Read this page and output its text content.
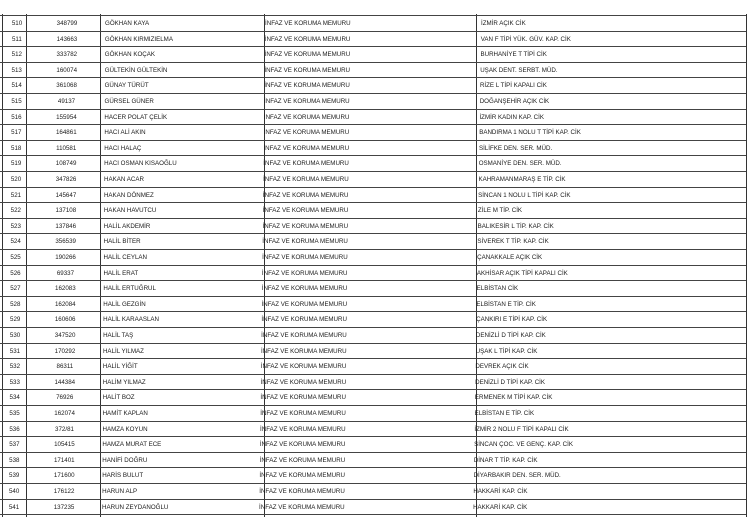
510	348799	GÖKHAN KAYA	İNFAZ VE KORUMA MEMURU	İZMİR AÇIK CİK
511	143663	GÖKHAN KIRMIZIELMA	İNFAZ VE KORUMA MEMURU	VAN F TİPİ YÜK. GÜV. KAP. CİK
512	333782	GÖKHAN KOÇAK	İNFAZ VE KORUMA MEMURU	BURHANİYE T TİPİ CİK
513	160074	GÜLTEKİN GÜLTEKİN	İNFAZ VE KORUMA MEMURU	UŞAK DENT. SERBT. MÜD.
514	361068	GÜNAY TÜRÜT	İNFAZ VE KORUMA MEMURU	RİZE L TİPİ KAPALI CİK
515	49137	GÜRSEL GÜNER	İNFAZ VE KORUMA MEMURU	DOĞANŞEHİR AÇIK CİK
516	155954	HACER POLAT ÇELİK	İNFAZ VE KORUMA MEMURU	İZMİR KADIN KAP. CİK
517	164861	HACI ALİ AKIN	İNFAZ VE KORUMA MEMURU	BANDIRMA 1 NOLU T TİPİ KAP. CİK
518	110581	HACI HALAÇ	İNFAZ VE KORUMA MEMURU	SİLİFKE DEN. SER. MÜD.
519	108749	HACI OSMAN KISAOĞLU	İNFAZ VE KORUMA MEMURU	OSMANİYE DEN. SER. MÜD.
520	347826	HAKAN ACAR	İNFAZ VE KORUMA MEMURU	KAHRAMANMARAŞ E TİP. CİK
521	145647	HAKAN DÖNMEZ	İNFAZ VE KORUMA MEMURU	SİNCAN 1 NOLU L TİPİ KAP. CİK
522	137108	HAKAN HAVUTCU	İNFAZ VE KORUMA MEMURU	ZİLE M TİP. CİK
523	137846	HALİL AKDEMİR	İNFAZ VE KORUMA MEMURU	BALIKESİR L TİP. KAP. CİK
524	356539	HALİL BİTER	İNFAZ VE KORUMA MEMURU	SİVEREK T TİP. KAP. CİK
525	190266	HALİL CEYLAN	İNFAZ VE KORUMA MEMURU	ÇANAKKALE AÇIK CİK
526	69337	HALİL ERAT	İNFAZ VE KORUMA MEMURU	AKHİSAR AÇIK TİPİ KAPALI CİK
527	162083	HALİL ERTUĞRUL	İNFAZ VE KORUMA MEMURU	ELBİSTAN CİK
528	162084	HALİL GEZGİN	İNFAZ VE KORUMA MEMURU	ELBİSTAN E TİP. CİK
529	160606	HALİL KARAASLAN	İNFAZ VE KORUMA MEMURU	ÇANKIRI E TİPİ KAP. CİK
530	347520	HALİL TAŞ	İNFAZ VE KORUMA MEMURU	DENİZLİ D TİPİ KAP. CİK
531	170292	HALİL YILMAZ	İNFAZ VE KORUMA MEMURU	UŞAK L TİPİ KAP. CİK
532	86311	HALİL YİĞİT	İNFAZ VE KORUMA MEMURU	DEVREK AÇIK CİK
533	144384	HALİM YILMAZ	İNFAZ VE KORUMA MEMURU	DENİZLİ D TİPİ KAP. CİK
534	76926	HALİT BOZ	İNFAZ VE KORUMA MEMURU	ERMENEK M TİPİ KAP. CİK
535	162074	HAMİT KAPLAN	İNFAZ VE KORUMA MEMURU	ELBİSTAN E TİP. CİK
536	372/81	HAMZA KOYUN	İNFAZ VE KORUMA MEMURU	İZMİR 2 NOLU F TİPİ KAPALI CİK
537	105415	HAMZA MURAT ECE	İNFAZ VE KORUMA MEMURU	SİNCAN ÇOC. VE GENÇ. KAP. CİK
538	171401	HANİFİ DOĞRU	İNFAZ VE KORUMA MEMURU	DİNAR T TİP. KAP. CİK
539	171600	HARİS BULUT	İNFAZ VE KORUMA MEMURU	DİYARBAKIR DEN. SER. MÜD.
540	176122	HARUN ALP	İNFAZ VE KORUMA MEMURU	HAKKARİ KAP. CİK
541	137235	HARUN ZEYDANOĞLU	İNFAZ VE KORUMA MEMURU	HAKKARİ KAP. CİK
